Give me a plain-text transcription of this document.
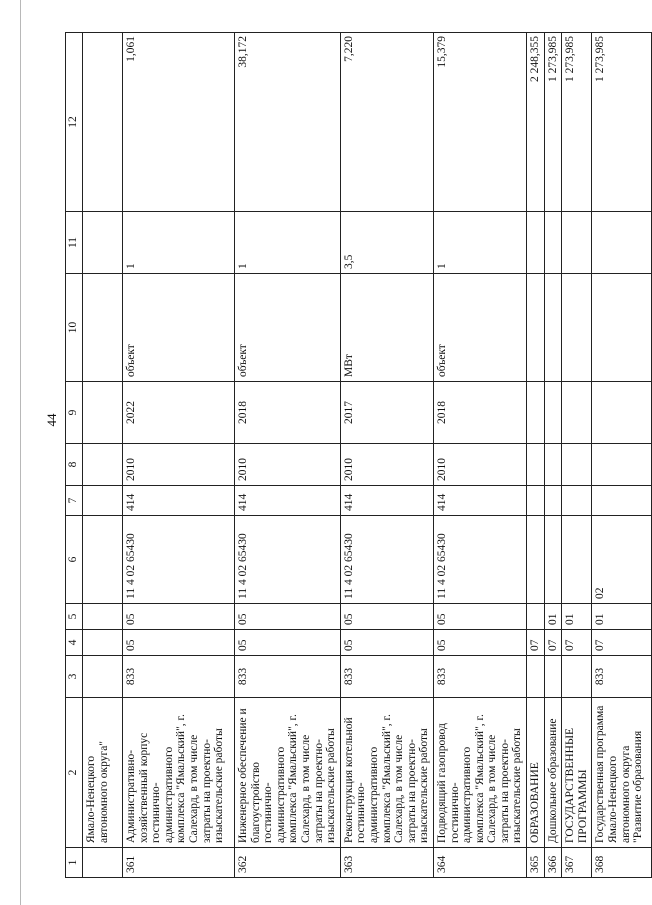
44
1	2	3	4	5	6	7	8	9	10	11	12
	Ямало-Ненецкого автономного округа"										
361	Административно-хозяйственный корпус гостинично-административного комплекса "Ямальский", г. Салехард, в том числе затраты на проектно-изыскательские работы	833	05	05	11 4 02 65430	414	2010	2022	объект	1	1,061
362	Инженерное обеспечение и благоустройство гостинично-административного комплекса "Ямальский", г. Салехард, в том числе затраты на проектно-изыскательские работы	833	05	05	11 4 02 65430	414	2010	2018	объект	1	38,172
363	Реконструкция котельной гостинично-административного комплекса "Ямальский", г. Салехард, в том числе затраты на проектно-изыскательские работы	833	05	05	11 4 02 65430	414	2010	2017	МВт	3,5	7,220
364	Подводящий газопровод гостинично-административного комплекса "Ямальский", г. Салехард, в том числе затраты на проектно-изыскательские работы	833	05	05	11 4 02 65430	414	2010	2018	объект	1	15,379
365	ОБРАЗОВАНИЕ		07								2 248,355
366	Дошкольное образование		07	01							1 273,985
367	ГОСУДАРСТВЕННЫЕ ПРОГРАММЫ		07	01							1 273,985
368	Государственная программа Ямало-Ненецкого автономного округа "Развитие образования	833	07	01	02						1 273,985
